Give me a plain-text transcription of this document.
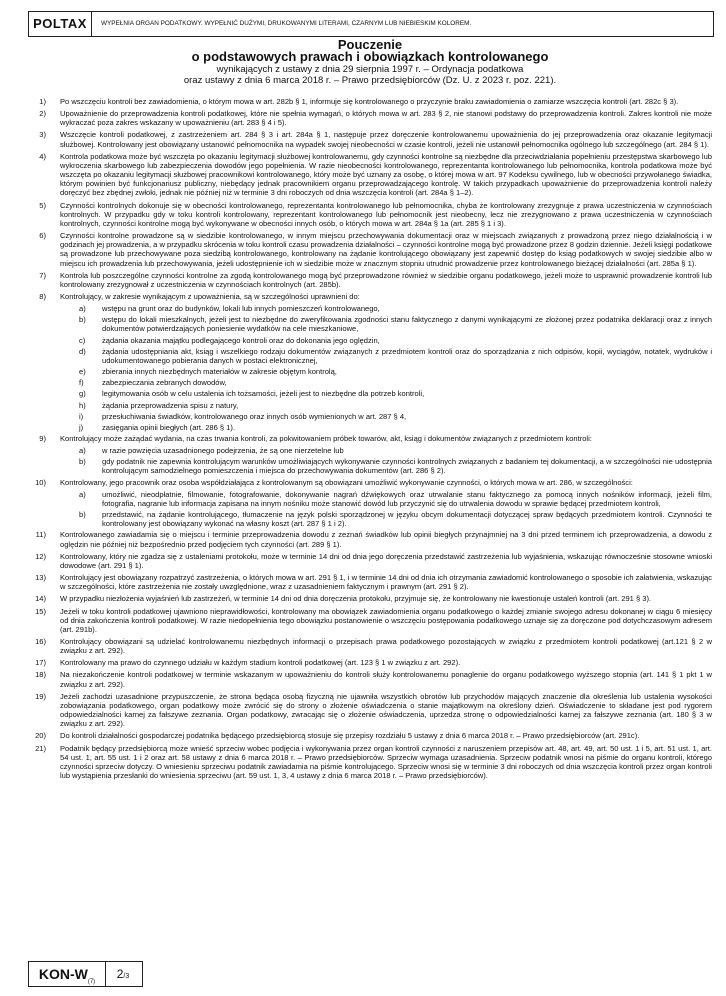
POLTAX	WYPEŁNIA ORGAN PODATKOWY. WYPEŁNIĆ DUŻYMI, DRUKOWANYMI LITERAMI, CZARNYM LUB NIEBIESKIM KOLOREM.
Pouczenie
o podstawowych prawach i obowiązkach kontrolowanego
wynikających z ustawy z dnia 29 sierpnia 1997 r. – Ordynacja podatkowa
oraz ustawy z dnia 6 marca 2018 r. – Prawo przedsiębiorców (Dz. U. z 2023 r. poz. 221).
1) Po wszczęciu kontroli bez zawiadomienia, o którym mowa w art. 282b § 1, informuje się kontrolowanego o przyczynie braku zawiadomienia o zamiarze wszczęcia kontroli (art. 282c § 3).
2) Upoważnienie do przeprowadzenia kontroli podatkowej, które nie spełnia wymagań, o których mowa w art. 283 § 2, nie stanowi podstawy do przeprowadzenia kontroli. Zakres kontroli nie może wykraczać poza zakres wskazany w upoważnieniu (art. 283 § 4 i 5).
3) Wszczęcie kontroli podatkowej, z zastrzeżeniem art. 284 § 3 i art. 284a § 1, następuje przez doręczenie kontrolowanemu upoważnienia do jej przeprowadzenia oraz okazanie legitymacji służbowej. Kontrolowany jest obowiązany ustanowić pełnomocnika na wypadek swojej nieobecności w czasie kontroli, jeżeli nie ustanowił pełnomocnika ogólnego lub szczególnego (art. 284 § 1).
4) Kontrola podatkowa może być wszczęta po okazaniu legitymacji służbowej kontrolowanemu, gdy czynności kontrolne są niezbędne dla przeciwdziałania popełnieniu przestępstwa skarbowego lub wykroczenia skarbowego lub zabezpieczenia dowodów jego popełnienia. W razie nieobecności kontrolowanego, reprezentanta kontrolowanego lub pełnomocnika, kontrola podatkowa może być wszczęta po okazaniu legitymacji służbowej pracownikowi kontrolowanego, który może być uznany za osobę, o której mowa w art. 97 Kodeksu cywilnego, lub w obecności przywołanego świadka, którym powinien być funkcjonariusz publiczny, niebędący jednak pracownikiem organu przeprowadzającego kontrolę. W takich przypadkach upoważnienie do przeprowadzenia kontroli należy doręczyć bez zbędnej zwłoki, jednak nie później niż w terminie 3 dni roboczych od dnia wszczęcia kontroli (art. 284a § 1–2).
5) Czynności kontrolnych dokonuje się w obecności kontrolowanego, reprezentanta kontrolowanego lub pełnomocnika, chyba że kontrolowany zrezygnuje z prawa uczestniczenia w czynnościach kontrolnych. W przypadku gdy w toku kontroli kontrolowany, reprezentant kontrolowanego lub pełnomocnik jest nieobecny, lecz nie zrezygnowano z prawa uczestniczenia w czynnościach kontrolnych, czynności kontrolne mogą być wykonywane w obecności innych osób, o których mowa w art. 284a § 1a (art. 285 § 1 i 3).
6) Czynności kontrolne prowadzone są w siedzibie kontrolowanego, w innym miejscu przechowywania dokumentacji oraz w miejscach związanych z prowadzoną przez niego działalnością i w godzinach jej prowadzenia, a w przypadku skrócenia w toku kontroli czasu prowadzenia działalności – czynności kontrolne mogą być prowadzone przez 8 godzin dziennie. Jeżeli księgi podatkowe są prowadzone lub przechowywane poza siedzibą kontrolowanego, kontrolowany na żądanie kontrolującego obowiązany jest zapewnić dostęp do ksiąg podatkowych w swojej siedzibie albo w miejscu ich prowadzenia lub przechowywania, jeżeli udostępnienie ich w siedzibie może w znacznym stopniu utrudnić prowadzenie przez kontrolowanego bieżącej działalności (art. 285a § 1).
7) Kontrola lub poszczególne czynności kontrolne za zgodą kontrolowanego mogą być przeprowadzone również w siedzibie organu podatkowego, jeżeli może to usprawnić prowadzenie kontroli lub kontrolowany zrezygnował z uczestniczenia w czynnościach kontrolnych (art. 285b).
8) Kontrolujący, w zakresie wynikającym z upoważnienia, są w szczególności uprawnieni do:
a) wstępu na grunt oraz do budynków, lokali lub innych pomieszczeń kontrolowanego,
b) wstępu do lokali mieszkalnych, jeżeli jest to niezbędne do zweryfikowania zgodności stanu faktycznego z danymi wynikającymi ze złożonej przez podatnika deklaracji oraz z innych dokumentów potwierdzających poniesienie wydatków na cele mieszkaniowe,
c) żądania okazania majątku podlegającego kontroli oraz do dokonania jego oględzin,
d) żądania udostępniania akt, ksiąg i wszelkiego rodzaju dokumentów związanych z przedmiotem kontroli oraz do sporządzania z nich odpisów, kopii, wyciągów, notatek, wydruków i udokumentowanego pobierania danych w postaci elektronicznej,
e) zbierania innych niezbędnych materiałów w zakresie objętym kontrolą,
f) zabezpieczania zebranych dowodów,
g) legitymowania osób w celu ustalenia ich tożsamości, jeżeli jest to niezbędne dla potrzeb kontroli,
h) żądania przeprowadzenia spisu z natury,
i) przesłuchiwania świadków, kontrolowanego oraz innych osób wymienionych w art. 287 § 4,
j) zasięgania opinii biegłych (art. 286 § 1).
9) Kontrolujący może zażądać wydania, na czas trwania kontroli, za pokwitowaniem próbek towarów, akt, ksiąg i dokumentów związanych z przedmiotem kontroli:
a) w razie powzięcia uzasadnionego podejrzenia, że są one nierzetelne lub
b) gdy podatnik nie zapewnia kontrolującym warunków umożliwiających wykonywanie czynności kontrolnych związanych z badaniem tej dokumentacji, a w szczególności nie udostępnia kontrolującym samodzielnego pomieszczenia i miejsca do przechowywania dokumentów (art. 286 § 2).
10) Kontrolowany, jego pracownik oraz osoba współdziałająca z kontrolowanym są obowiązani umożliwić wykonywanie czynności, o których mowa w art. 286, w szczególności:
a) umożliwić, nieodpłatnie, filmowanie, fotografowanie, dokonywanie nagrań dźwiękowych oraz utrwalanie stanu faktycznego za pomocą innych nośników informacji, jeżeli film, fotografia, nagranie lub informacja zapisana na innym nośniku może stanowić dowód lub przyczynić się do utrwalenia dowodu w sprawie będącej przedmiotem kontroli,
b) przedstawić, na żądanie kontrolującego, tłumaczenie na język polski sporządzonej w języku obcym dokumentacji dotyczącej spraw będących przedmiotem kontroli. Czynności te kontrolowany jest obowiązany wykonać na własny koszt (art. 287 § 1 i 2).
11) Kontrolowanego zawiadamia się o miejscu i terminie przeprowadzenia dowodu z zeznań świadków lub opinii biegłych przynajmniej na 3 dni przed terminem ich przeprowadzenia, a dowodu z oględzin nie później niż bezpośrednio przed podjęciem tych czynności (art. 289 § 1).
12) Kontrolowany, który nie zgadza się z ustaleniami protokołu, może w terminie 14 dni od dnia jego doręczenia przedstawić zastrzeżenia lub wyjaśnienia, wskazując równocześnie stosowne wnioski dowodowe (art. 291 § 1).
13) Kontrolujący jest obowiązany rozpatrzyć zastrzeżenia, o których mowa w art. 291 § 1, i w terminie 14 dni od dnia ich otrzymania zawiadomić kontrolowanego o sposobie ich załatwienia, wskazując w szczególności, które zastrzeżenia nie zostały uwzględnione, wraz z uzasadnieniem faktycznym i prawnym (art. 291 § 2).
14) W przypadku niezłożenia wyjaśnień lub zastrzeżeń, w terminie 14 dni od dnia doręczenia protokołu, przyjmuje się, że kontrolowany nie kwestionuje ustaleń kontroli (art. 291 § 3).
15) Jeżeli w toku kontroli podatkowej ujawniono nieprawidłowości, kontrolowany ma obowiązek zawiadomienia organu podatkowego o każdej zmianie swojego adresu dokonanej w ciągu 6 miesięcy od dnia zakończenia kontroli podatkowej. W razie niedopełnienia tego obowiązku postanowienie o wszczęciu postępowania podatkowego uznaje się za doręczone pod dotychczasowym adresem (art. 291b).
16) Kontrolujący obowiązani są udzielać kontrolowanemu niezbędnych informacji o przepisach prawa podatkowego pozostających w związku z przedmiotem kontroli podatkowej (art.121 § 2 w związku z art. 292).
17) Kontrolowany ma prawo do czynnego udziału w każdym stadium kontroli podatkowej (art. 123 § 1 w związku z art. 292).
18) Na niezakończenie kontroli podatkowej w terminie wskazanym w upoważnieniu do kontroli służy kontrolowanemu ponaglenie do organu podatkowego wyższego stopnia (art. 141 § 1 pkt 1 w związku z art. 292).
19) Jeżeli zachodzi uzasadnione przypuszczenie, że strona będąca osobą fizyczną nie ujawniła wszystkich obrotów lub przychodów mających znaczenie dla określenia lub ustalenia wysokości zobowiązania podatkowego, organ podatkowy może zwrócić się do strony o złożenie oświadczenia o stanie majątkowym na określony dzień. Oświadczenie to składane jest pod rygorem odpowiedzialności karnej za fałszywe zeznania. Organ podatkowy, zwracając się o złożenie oświadczenia, uprzedza stronę o odpowiedzialności karnej za fałszywe zeznania (art. 180 § 3 w związku z art. 292).
20) Do kontroli działalności gospodarczej podatnika będącego przedsiębiorcą stosuje się przepisy rozdziału 5 ustawy z dnia 6 marca 2018 r. – Prawo przedsiębiorców (art. 291c).
21) Podatnik będący przedsiębiorcą może wnieść sprzeciw wobec podjęcia i wykonywania przez organ kontroli czynności z naruszeniem przepisów art. 48, art. 49, art. 50 ust. 1 i 5, art. 51 ust. 1, art. 54 ust. 1, art. 55 ust. 1 i 2 oraz art. 58 ustawy z dnia 6 marca 2018 r. – Prawo przedsiębiorców. Sprzeciw wymaga uzasadnienia. Sprzeciw podatnik wnosi na piśmie do organu kontroli, którego czynności sprzeciw dotyczy. O wniesieniu sprzeciwu podatnik zawiadamia na piśmie kontrolującego. Sprzeciw wnosi się w terminie 3 dni roboczych od dnia wszczęcia kontroli przez organ kontroli lub wystąpienia przesłanki do wniesienia sprzeciwu (art. 59 ust. 1, 3, 4 ustawy z dnia 6 marca 2018 r. – Prawo przedsiębiorców).
KON-$W_{(7)}$
2/3
